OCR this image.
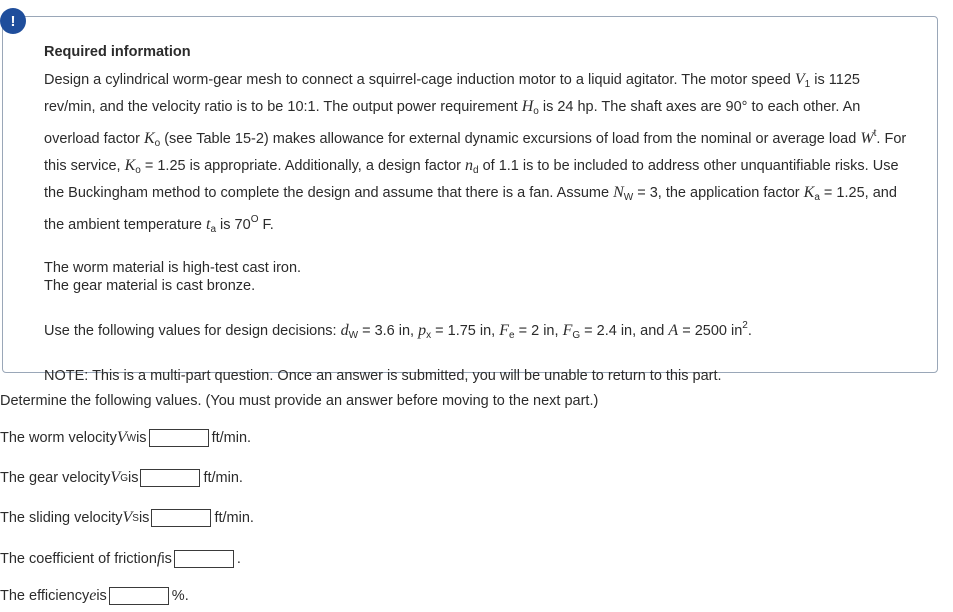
!
Required information

Design a cylindrical worm-gear mesh to connect a squirrel-cage induction motor to a liquid agitator. The motor speed $V_1$ is 1125 rev/min, and the velocity ratio is to be 10:1. The output power requirement $H_o$ is 24 hp. The shaft axes are 90° to each other. An overload factor $K_o$ (see Table 15-2) makes allowance for external dynamic excursions of load from the nominal or average load $W^t$. For this service, $K_o = 1.25$ is appropriate. Additionally, a design factor $n_d$ of 1.1 is to be included to address other unquantifiable risks. Use the Buckingham method to complete the design and assume that there is a fan. Assume $N_W = 3$, the application factor $K_a = 1.25$, and the ambient temperature $t_a$ is $70^O$ F.

The worm material is high-test cast iron.
The gear material is cast bronze.

Use the following values for design decisions: $d_W = 3.6$ in, $p_x = 1.75$ in, $F_e = 2$ in, $F_G = 2.4$ in, and A = 2500 $in^2$.

NOTE: This is a multi-part question. Once an answer is submitted, you will be unable to return to this part.

Determine the following values. (You must provide an answer before moving to the next part.)
The worm velocity V W is	ft/min.
The gear velocity V G is	ft/min.
The sliding velocity V S is	ft/min.
The coefficient of friction f is	.
The efficiency e is	%.
